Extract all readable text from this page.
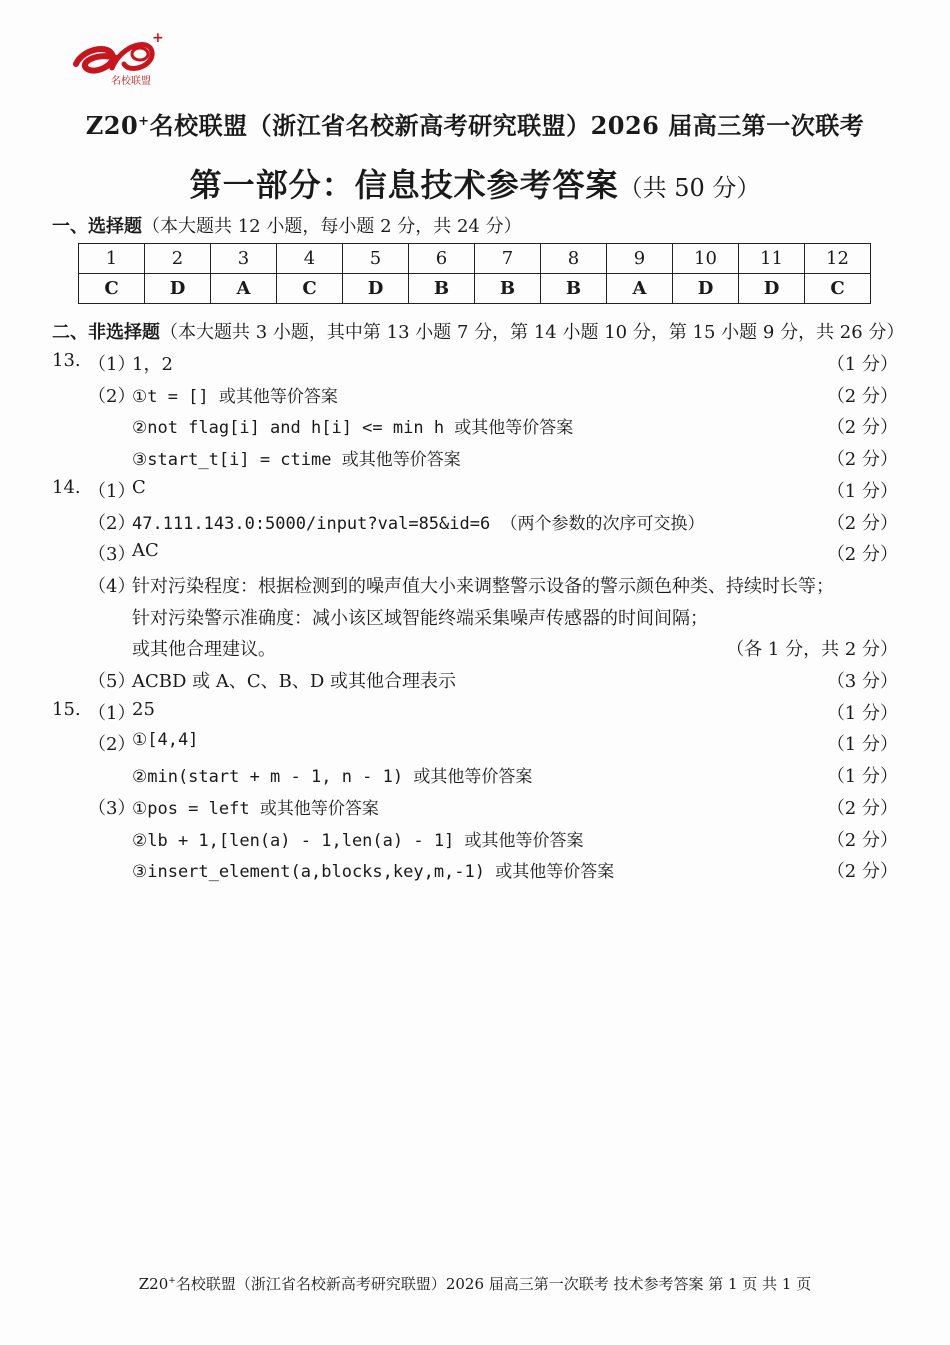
+
名校联盟
Z20+名校联盟（浙江省名校新高考研究联盟）2026 届高三第一次联考
第一部分：信息技术参考答案（共 50 分）
一、选择题（本大题共 12 小题，每小题 2 分，共 24 分）
1	2	3	4	5	6	7	8	9	10	11	12
C	D	A	C	D	B	B	B	A	D	D	C
二、非选择题（本大题共 3 小题，其中第 13 小题 7 分，第 14 小题 10 分，第 15 小题 9 分，共 26 分）
13. （1）
1，2	（1 分）
（2）
①t = [] 或其他等价答案	（2 分）
②not flag[i] and h[i] <= min h 或其他等价答案	（2 分）
③start_t[i] = ctime 或其他等价答案	（2 分）
14. （1）
C	（1 分）
（2）
47.111.143.0:5000/input?val=85&id=6 （两个参数的次序可交换）	（2 分）
（3）
AC	（2 分）
（4）
针对污染程度：根据检测到的噪声值大小来调整警示设备的警示颜色种类、持续时长等；
针对污染警示准确度：减小该区域智能终端采集噪声传感器的时间间隔；
或其他合理建议。	（各 1 分，共 2 分）
（5）
ACBD 或 A、C、B、D 或其他合理表示	（3 分）
15. （1）
25	（1 分）
（2）
①[4,4]	（1 分）
②min(start + m - 1, n - 1) 或其他等价答案	（1 分）
（3）
①pos = left 或其他等价答案	（2 分）
②lb + 1,[len(a) - 1,len(a) - 1] 或其他等价答案	（2 分）
③insert_element(a,blocks,key,m,-1) 或其他等价答案	（2 分）
Z20+名校联盟（浙江省名校新高考研究联盟）2026 届高三第一次联考 技术参考答案 第 1 页 共 1 页
